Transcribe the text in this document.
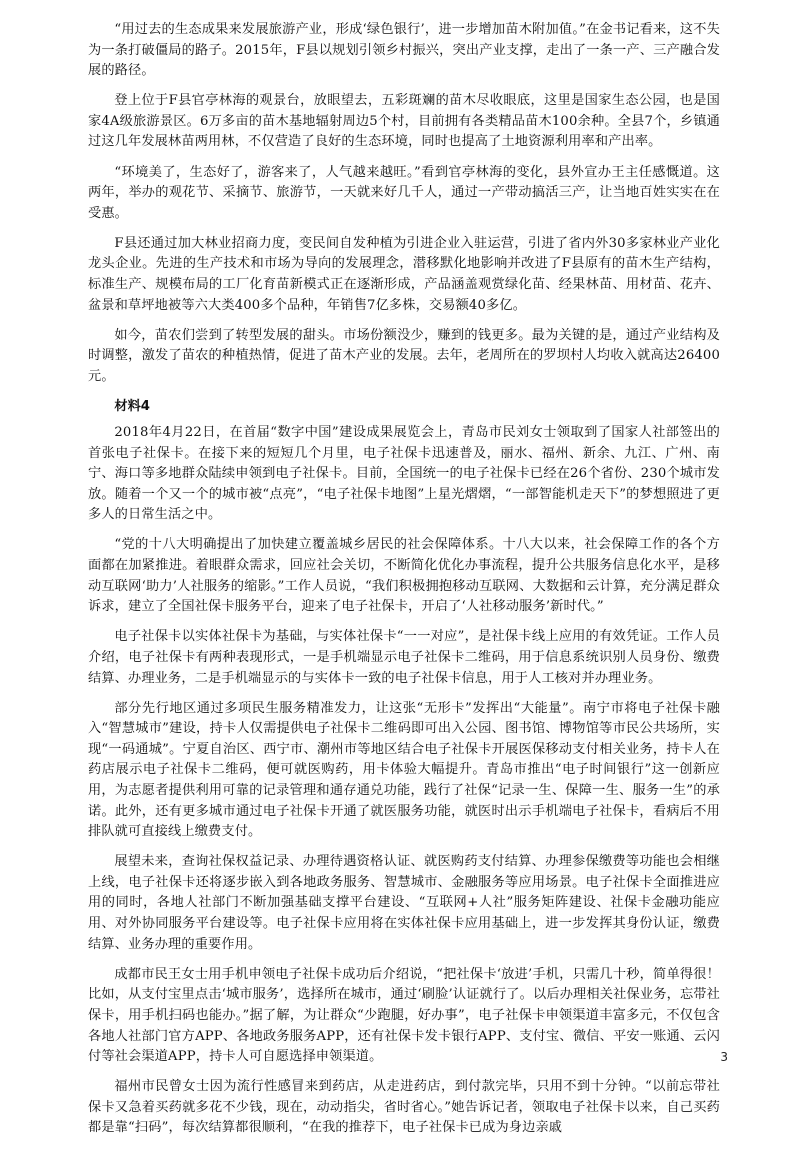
“用过去的生态成果来发展旅游产业，形成‘绿色银行’，进一步增加苗木附加值。”在金书记看来，这不失为一条打破僵局的路子。2015年，F县以规划引领乡村振兴，突出产业支撑，走出了一条一产、三产融合发展的路径。

登上位于F县官亭林海的观景台，放眼望去，五彩斑斓的苗木尽收眼底，这里是国家生态公园，也是国家4A级旅游景区。6万多亩的苗木基地辐射周边5个村，目前拥有各类精品苗木100余种。全县7个，乡镇通过这几年发展林苗两用林，不仅营造了良好的生态环境，同时也提高了土地资源利用率和产出率。

“环境美了，生态好了，游客来了，人气越来越旺。”看到官亭林海的变化，县外宣办王主任感慨道。这两年，举办的观花节、采摘节、旅游节，一天就来好几千人，通过一产带动搞活三产，让当地百姓实实在在受惠。

F县还通过加大林业招商力度，变民间自发种植为引进企业入驻运营，引进了省内外30多家林业产业化龙头企业。先进的生产技术和市场为导向的发展理念，潜移默化地影响并改进了F县原有的苗木生产结构，标准生产、规模布局的工厂化育苗新模式正在逐渐形成，产品涵盖观赏绿化苗、经果林苗、用材苗、花卉、盆景和草坪地被等六大类400多个品种，年销售7亿多株，交易额40多亿。

如今，苗农们尝到了转型发展的甜头。市场份额没少，赚到的钱更多。最为关键的是，通过产业结构及时调整，激发了苗农的种植热情，促进了苗木产业的发展。去年，老周所在的罗坝村人均收入就高达26400元。

材料4

2018年4月22日，在首届“数字中国”建设成果展览会上，青岛市民刘女士领取到了国家人社部签出的首张电子社保卡。在接下来的短短几个月里，电子社保卡迅速普及，丽水、福州、新余、九江、广州、南宁、海口等多地群众陆续申领到电子社保卡。目前，全国统一的电子社保卡已经在26个省份、230个城市发放。随着一个又一个的城市被“点亮”，“电子社保卡地图”上星光熠熠，“一部智能机走天下”的梦想照进了更多人的日常生活之中。

“党的十八大明确提出了加快建立覆盖城乡居民的社会保障体系。十八大以来，社会保障工作的各个方面都在加紧推进。着眼群众需求，回应社会关切，不断简化优化办事流程，提升公共服务信息化水平，是移动互联网‘助力’人社服务的缩影。”工作人员说，“我们积极拥抱移动互联网、大数据和云计算，充分满足群众诉求，建立了全国社保卡服务平台，迎来了电子社保卡，开启了‘人社移动服务’新时代。”

电子社保卡以实体社保卡为基础，与实体社保卡“一一对应”，是社保卡线上应用的有效凭证。工作人员介绍，电子社保卡有两种表现形式，一是手机端显示电子社保卡二维码，用于信息系统识别人员身份、缴费结算、办理业务，二是手机端显示的与实体卡一致的电子社保卡信息，用于人工核对并办理业务。

部分先行地区通过多项民生服务精准发力，让这张“无形卡”发挥出“大能量”。南宁市将电子社保卡融入“智慧城市”建设，持卡人仅需提供电子社保卡二维码即可出入公园、图书馆、博物馆等市民公共场所，实现“一码通城”。宁夏自治区、西宁市、潮州市等地区结合电子社保卡开展医保移动支付相关业务，持卡人在药店展示电子社保卡二维码，便可就医购药，用卡体验大幅提升。青岛市推出“电子时间银行”这一创新应用，为志愿者提供利用可靠的记录管理和通存通兑功能，践行了社保“记录一生、保障一生、服务一生”的承诺。此外，还有更多城市通过电子社保卡开通了就医服务功能，就医时出示手机端电子社保卡，看病后不用排队就可直接线上缴费支付。

展望未来，查询社保权益记录、办理待遇资格认证、就医购药支付结算、办理参保缴费等功能也会相继上线，电子社保卡还将逐步嵌入到各地政务服务、智慧城市、金融服务等应用场景。电子社保卡全面推进应用的同时，各地人社部门不断加强基础支撑平台建设、“互联网+人社”服务矩阵建设、社保卡金融功能应用、对外协同服务平台建设等。电子社保卡应用将在实体社保卡应用基础上，进一步发挥其身份认证，缴费结算、业务办理的重要作用。

成都市民王女士用手机申领电子社保卡成功后介绍说，“把社保卡‘放进’手机，只需几十秒，简单得很！比如，从支付宝里点击‘城市服务’，选择所在城市，通过‘刷脸’认证就行了。以后办理相关社保业务，忘带社保卡，用手机扫码也能办。”据了解，为让群众“少跑腿，好办事”，电子社保卡申领渠道丰富多元，不仅包含各地人社部门官方APP、各地政务服务APP，还有社保卡发卡银行APP、支付宝、微信、平安一账通、云闪付等社会渠道APP，持卡人可自愿选择申领渠道。

福州市民曾女士因为流行性感冒来到药店，从走进药店，到付款完毕，只用不到十分钟。“以前忘带社保卡又急着买药就多花不少钱，现在，动动指尖，省时省心。”她告诉记者，领取电子社保卡以来，自己买药都是靠“扫码”，每次结算都很顺利，“在我的推荐下，电子社保卡已成为身边亲戚

3
